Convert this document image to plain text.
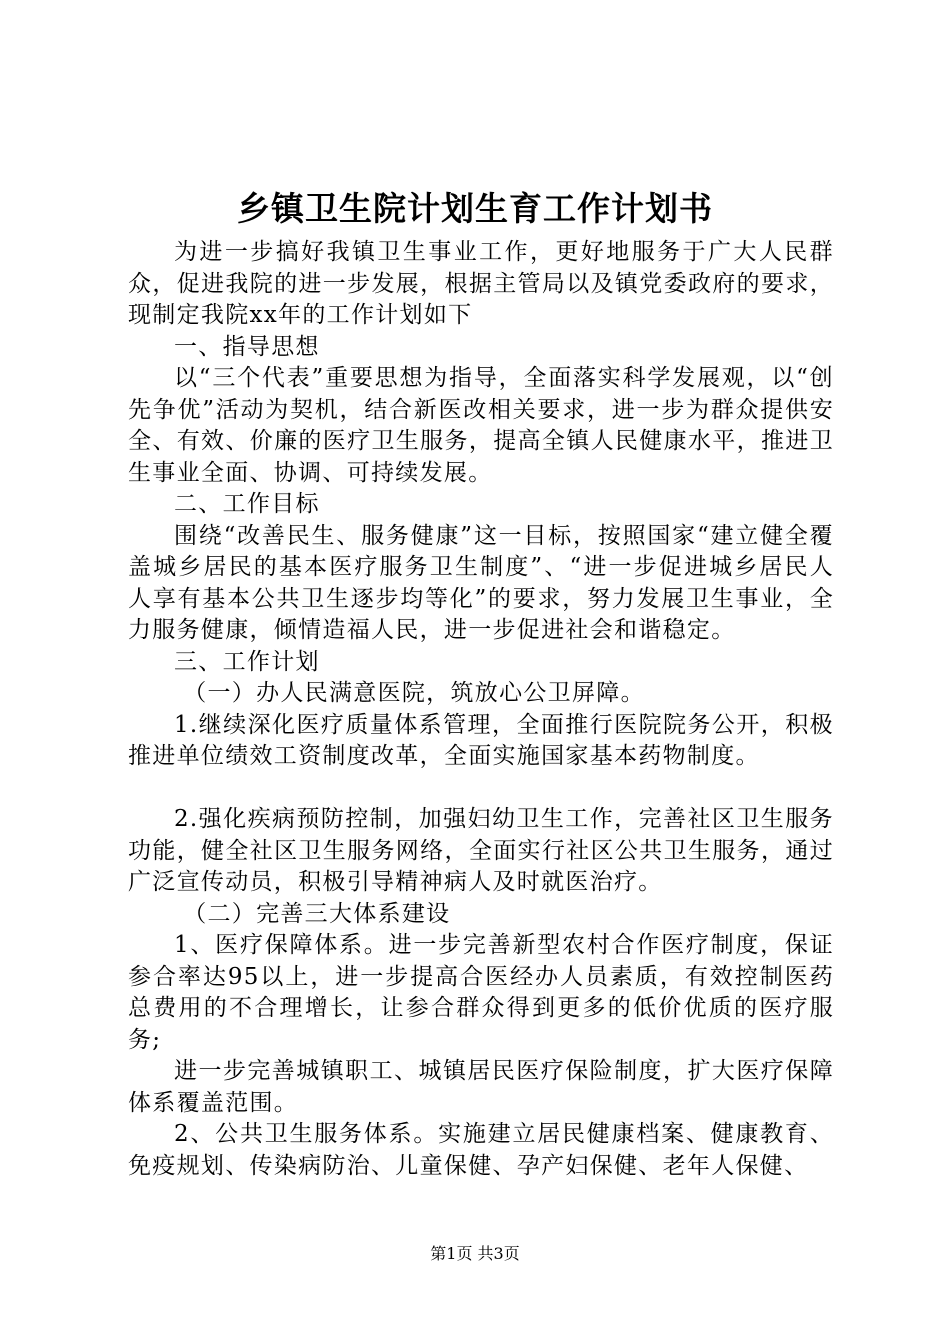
乡镇卫生院计划生育工作计划书

为进一步搞好我镇卫生事业工作，更好地服务于广大人民群众，促进我院的进一步发展，根据主管局以及镇党委政府的要求，现制定我院xx年的工作计划如下

一、指导思想

以“三个代表”重要思想为指导，全面落实科学发展观，以“创先争优”活动为契机，结合新医改相关要求，进一步为群众提供安全、有效、价廉的医疗卫生服务，提高全镇人民健康水平，推进卫生事业全面、协调、可持续发展。

二、工作目标

围绕“改善民生、服务健康”这一目标，按照国家“建立健全覆盖城乡居民的基本医疗服务卫生制度”、“进一步促进城乡居民人人享有基本公共卫生逐步均等化”的要求，努力发展卫生事业，全力服务健康，倾情造福人民，进一步促进社会和谐稳定。

三、工作计划

（一）办人民满意医院，筑放心公卫屏障。

1.继续深化医疗质量体系管理，全面推行医院院务公开，积极推进单位绩效工资制度改革，全面实施国家基本药物制度。

2.强化疾病预防控制，加强妇幼卫生工作，完善社区卫生服务功能，健全社区卫生服务网络，全面实行社区公共卫生服务，通过广泛宣传动员，积极引导精神病人及时就医治疗。

（二）完善三大体系建设

1、医疗保障体系。进一步完善新型农村合作医疗制度，保证参合率达95以上，进一步提高合医经办人员素质，有效控制医药总费用的不合理增长，让参合群众得到更多的低价优质的医疗服务;

进一步完善城镇职工、城镇居民医疗保险制度，扩大医疗保障体系覆盖范围。

2、公共卫生服务体系。实施建立居民健康档案、健康教育、免疫规划、传染病防治、儿童保健、孕产妇保健、老年人保健、

第1页 共3页
